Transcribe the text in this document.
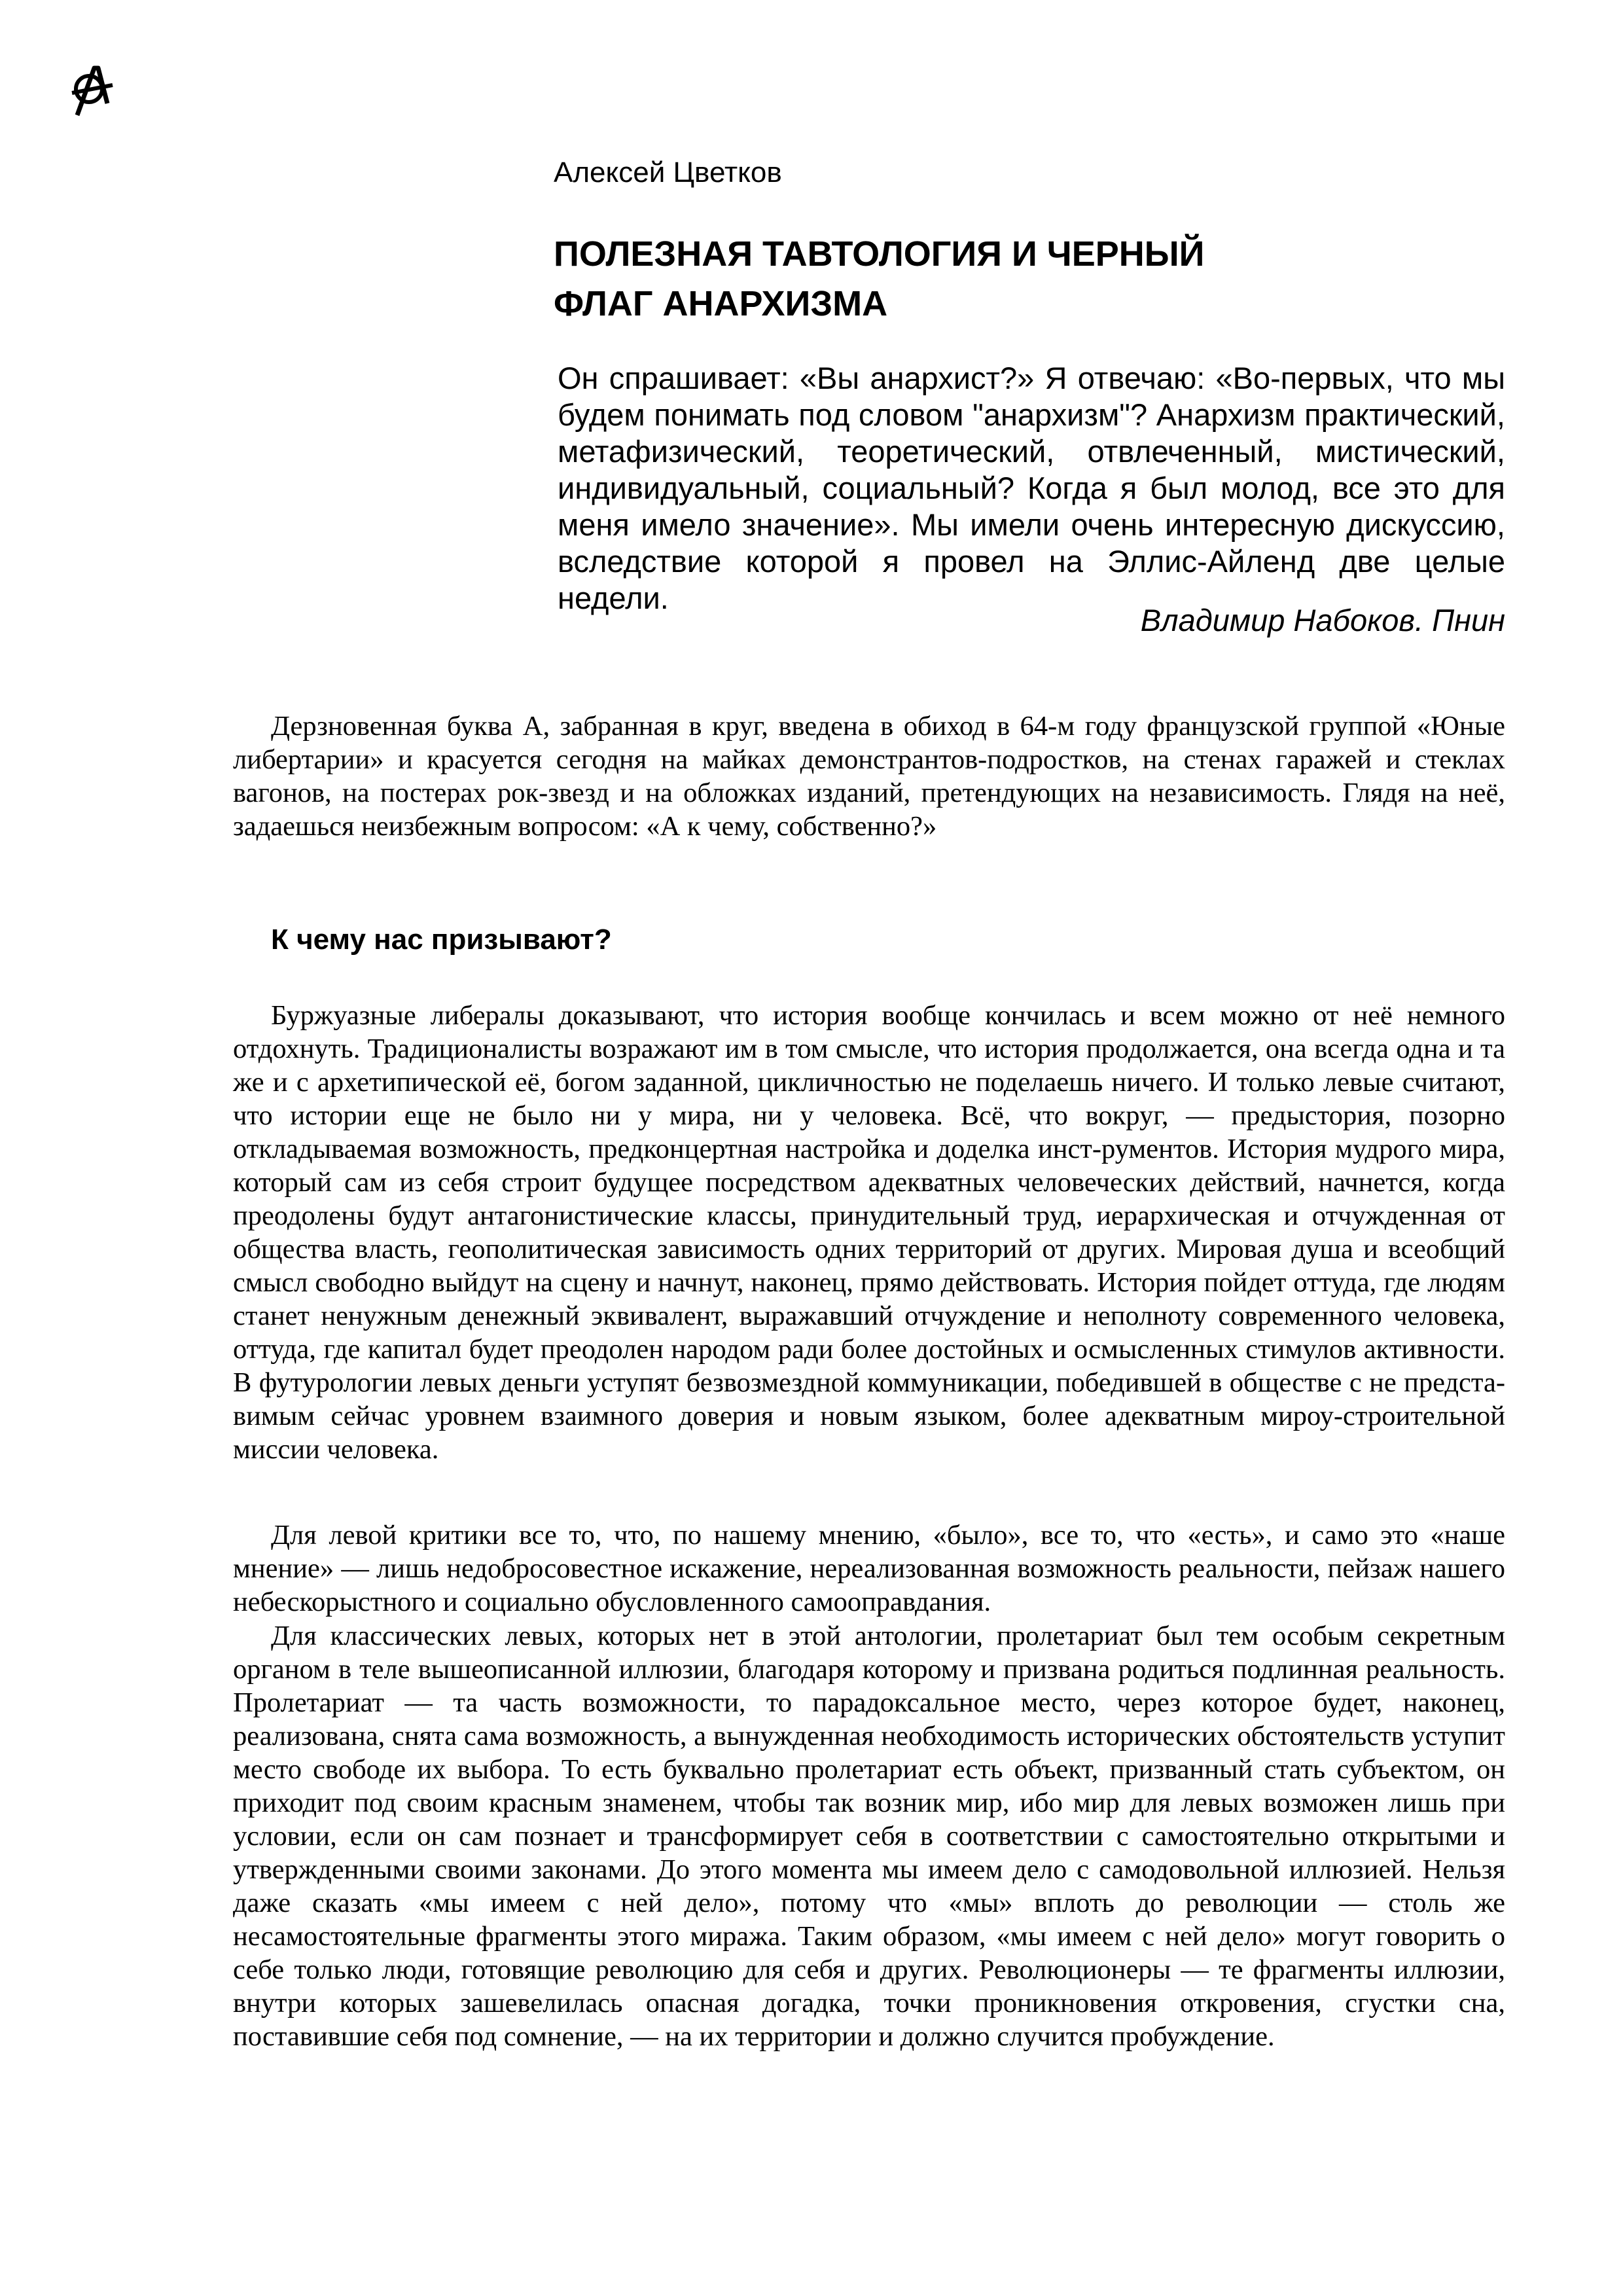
Алексей Цветков
ПОЛЕЗНАЯ ТАВТОЛОГИЯ И ЧЕРНЫЙ
ФЛАГ АНАРХИЗМА

Он спрашивает: «Вы анархист?» Я отвечаю: «Во-первых, что мы будем понимать под словом "анархизм"? Анархизм практический, метафизический, теоретический, отвлеченный, мистический, индивидуальный, социальный? Когда я был молод, все это для меня имело значение». Мы имели очень интересную дискуссию, вследствие которой я провел на Эллис-Айленд две целые недели.

Владимир Набоков. Пнин

Дерзновенная буква А, забранная в круг, введена в обиход в 64-м году французской группой «Юные либертарии» и красуется сегодня на майках демонстрантов-подростков, на стенах гаражей и стеклах вагонов, на постерах рок-звезд и на обложках изданий, претендующих на независимость. Глядя на неё, задаешься неизбежным вопросом: «А к чему, собственно?»

К чему нас призывают?

Буржуазные либералы доказывают, что история вообще кончилась и всем можно от неё немного отдохнуть. Традиционалисты возражают им в том смысле, что история продолжается, она всегда одна и та же и с архетипической её, богом заданной, цикличностью не поделаешь ничего. И только левые считают, что истории еще не было ни у мира, ни у человека. Всё, что вокруг, — предыстория, позорно откладываемая возможность, предконцертная настройка и доделка инст-рументов. История мудрого мира, который сам из себя строит будущее посредством адекватных человеческих действий, начнется, когда преодолены будут антагонистические классы, принудительный труд, иерархическая и отчужденная от общества власть, геополитическая зависимость одних территорий от других. Мировая душа и всеобщий смысл свободно выйдут на сцену и начнут, наконец, прямо действовать. История пойдет оттуда, где людям станет ненужным денежный эквивалент, выражавший отчуждение и неполноту современного человека, оттуда, где капитал будет преодолен народом ради более достойных и осмысленных стимулов активности. В футурологии левых деньги уступят безвозмездной коммуникации, победившей в обществе с не предста-вимым сейчас уровнем взаимного доверия и новым языком, более адекватным мироу-строительной миссии человека.

Для левой критики все то, что, по нашему мнению, «было», все то, что «есть», и само это «наше мнение» — лишь недобросовестное искажение, нереализованная возможность реальности, пейзаж нашего небескорыстного и социально обусловленного самооправдания.

Для классических левых, которых нет в этой антологии, пролетариат был тем особым секретным органом в теле вышеописанной иллюзии, благодаря которому и призвана родиться подлинная реальность. Пролетариат — та часть возможности, то парадоксальное место, через которое будет, наконец, реализована, снята сама возможность, а вынужденная необходимость исторических обстоятельств уступит место свободе их выбора. То есть буквально пролетариат есть объект, призванный стать субъектом, он приходит под своим красным знаменем, чтобы так возник мир, ибо мир для левых возможен лишь при условии, если он сам познает и трансформирует себя в соответствии с самостоятельно открытыми и утвержденными своими законами. До этого момента мы имеем дело с самодовольной иллюзией. Нельзя даже сказать «мы имеем с ней дело», потому что «мы» вплоть до революции — столь же несамостоятельные фрагменты этого миража. Таким образом, «мы имеем с ней дело» могут говорить о себе только люди, готовящие революцию для себя и других. Революционеры — те фрагменты иллюзии, внутри которых зашевелилась опасная догадка, точки проникновения откровения, сгустки сна, поставившие себя под сомнение, — на их территории и должно случится пробуждение.
